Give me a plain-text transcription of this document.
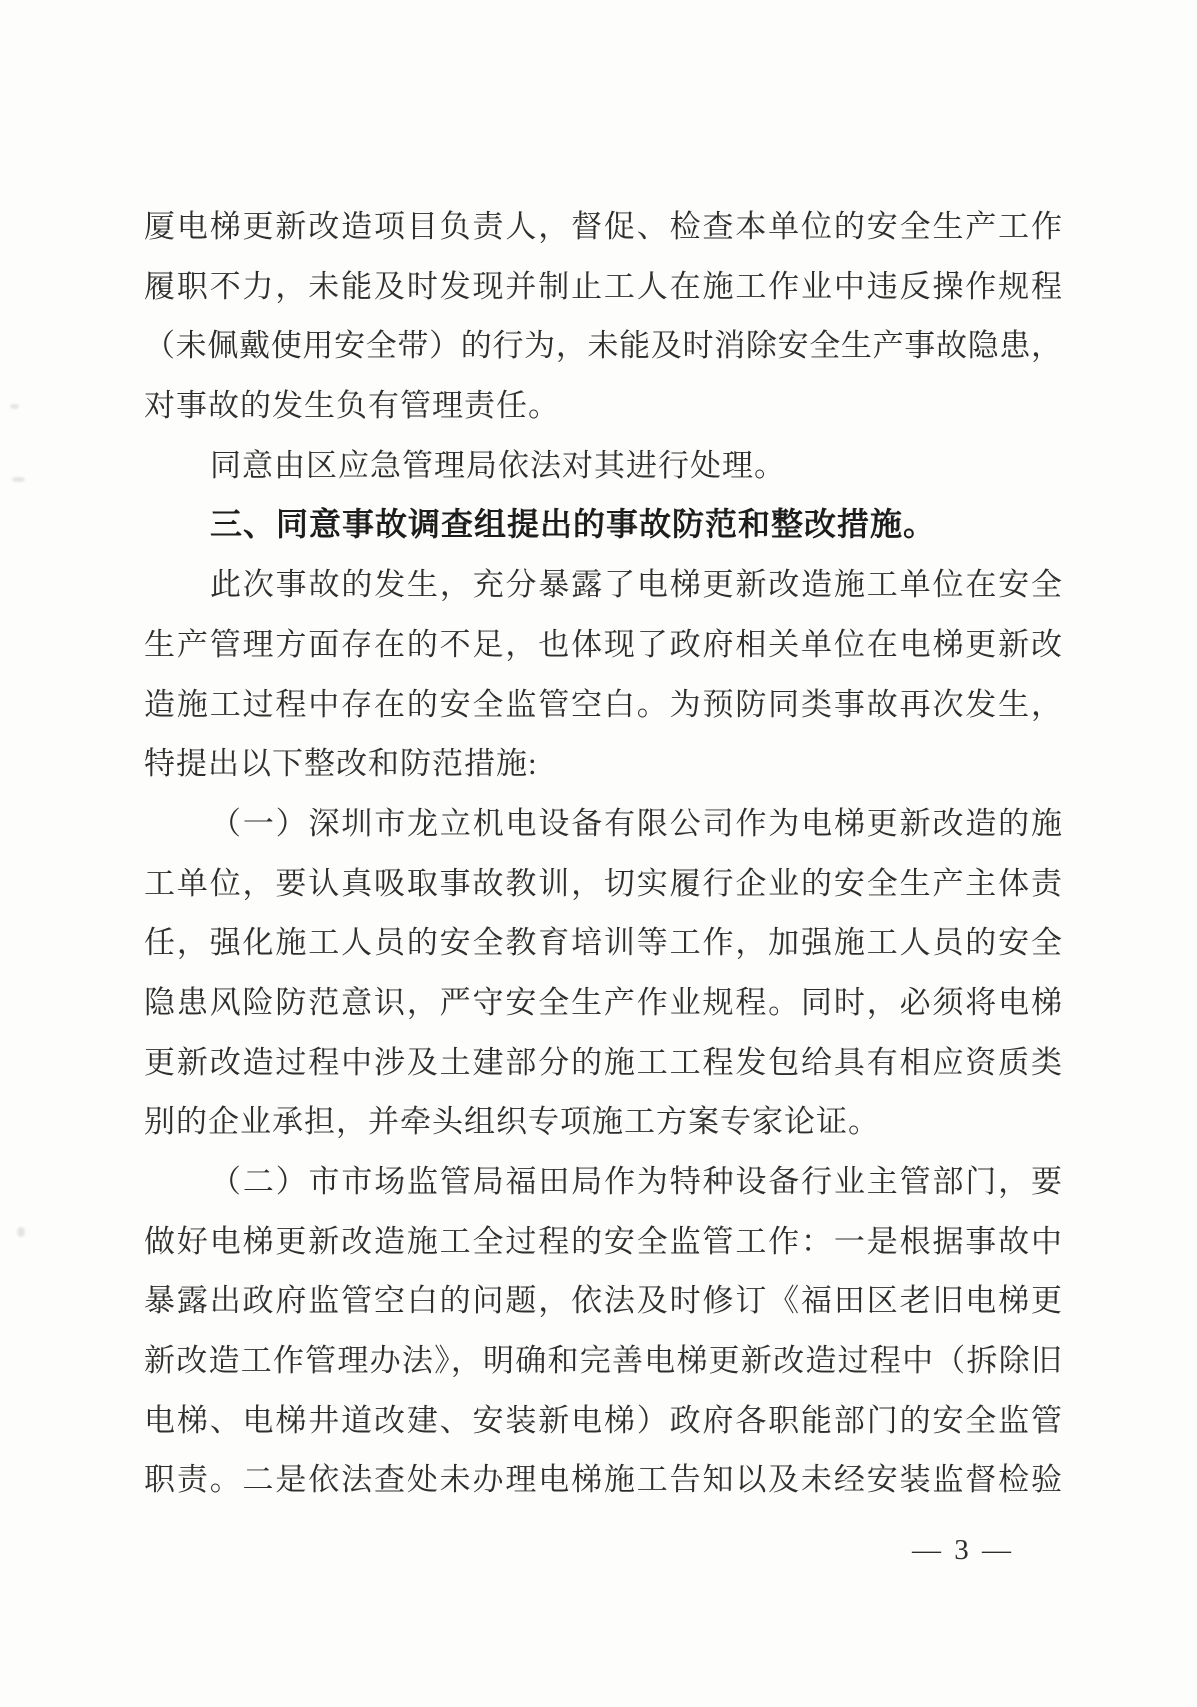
厦电梯更新改造项目负责人，督促、检查本单位的安全生产工作
履职不力，未能及时发现并制止工人在施工作业中违反操作规程
（未佩戴使用安全带）的行为，未能及时消除安全生产事故隐患，
对事故的发生负有管理责任。
同意由区应急管理局依法对其进行处理。
三、同意事故调查组提出的事故防范和整改措施。
此次事故的发生，充分暴露了电梯更新改造施工单位在安全
生产管理方面存在的不足，也体现了政府相关单位在电梯更新改
造施工过程中存在的安全监管空白。为预防同类事故再次发生，
特提出以下整改和防范措施:
（一）深圳市龙立机电设备有限公司作为电梯更新改造的施
工单位，要认真吸取事故教训，切实履行企业的安全生产主体责
任，强化施工人员的安全教育培训等工作，加强施工人员的安全
隐患风险防范意识，严守安全生产作业规程。同时，必须将电梯
更新改造过程中涉及土建部分的施工工程发包给具有相应资质类
别的企业承担，并牵头组织专项施工方案专家论证。
（二）市市场监管局福田局作为特种设备行业主管部门，要
做好电梯更新改造施工全过程的安全监管工作：一是根据事故中
暴露出政府监管空白的问题，依法及时修订《福田区老旧电梯更
新改造工作管理办法》，明确和完善电梯更新改造过程中（拆除旧
电梯、电梯井道改建、安装新电梯）政府各职能部门的安全监管
职责。二是依法查处未办理电梯施工告知以及未经安装监督检验
— 3 —
